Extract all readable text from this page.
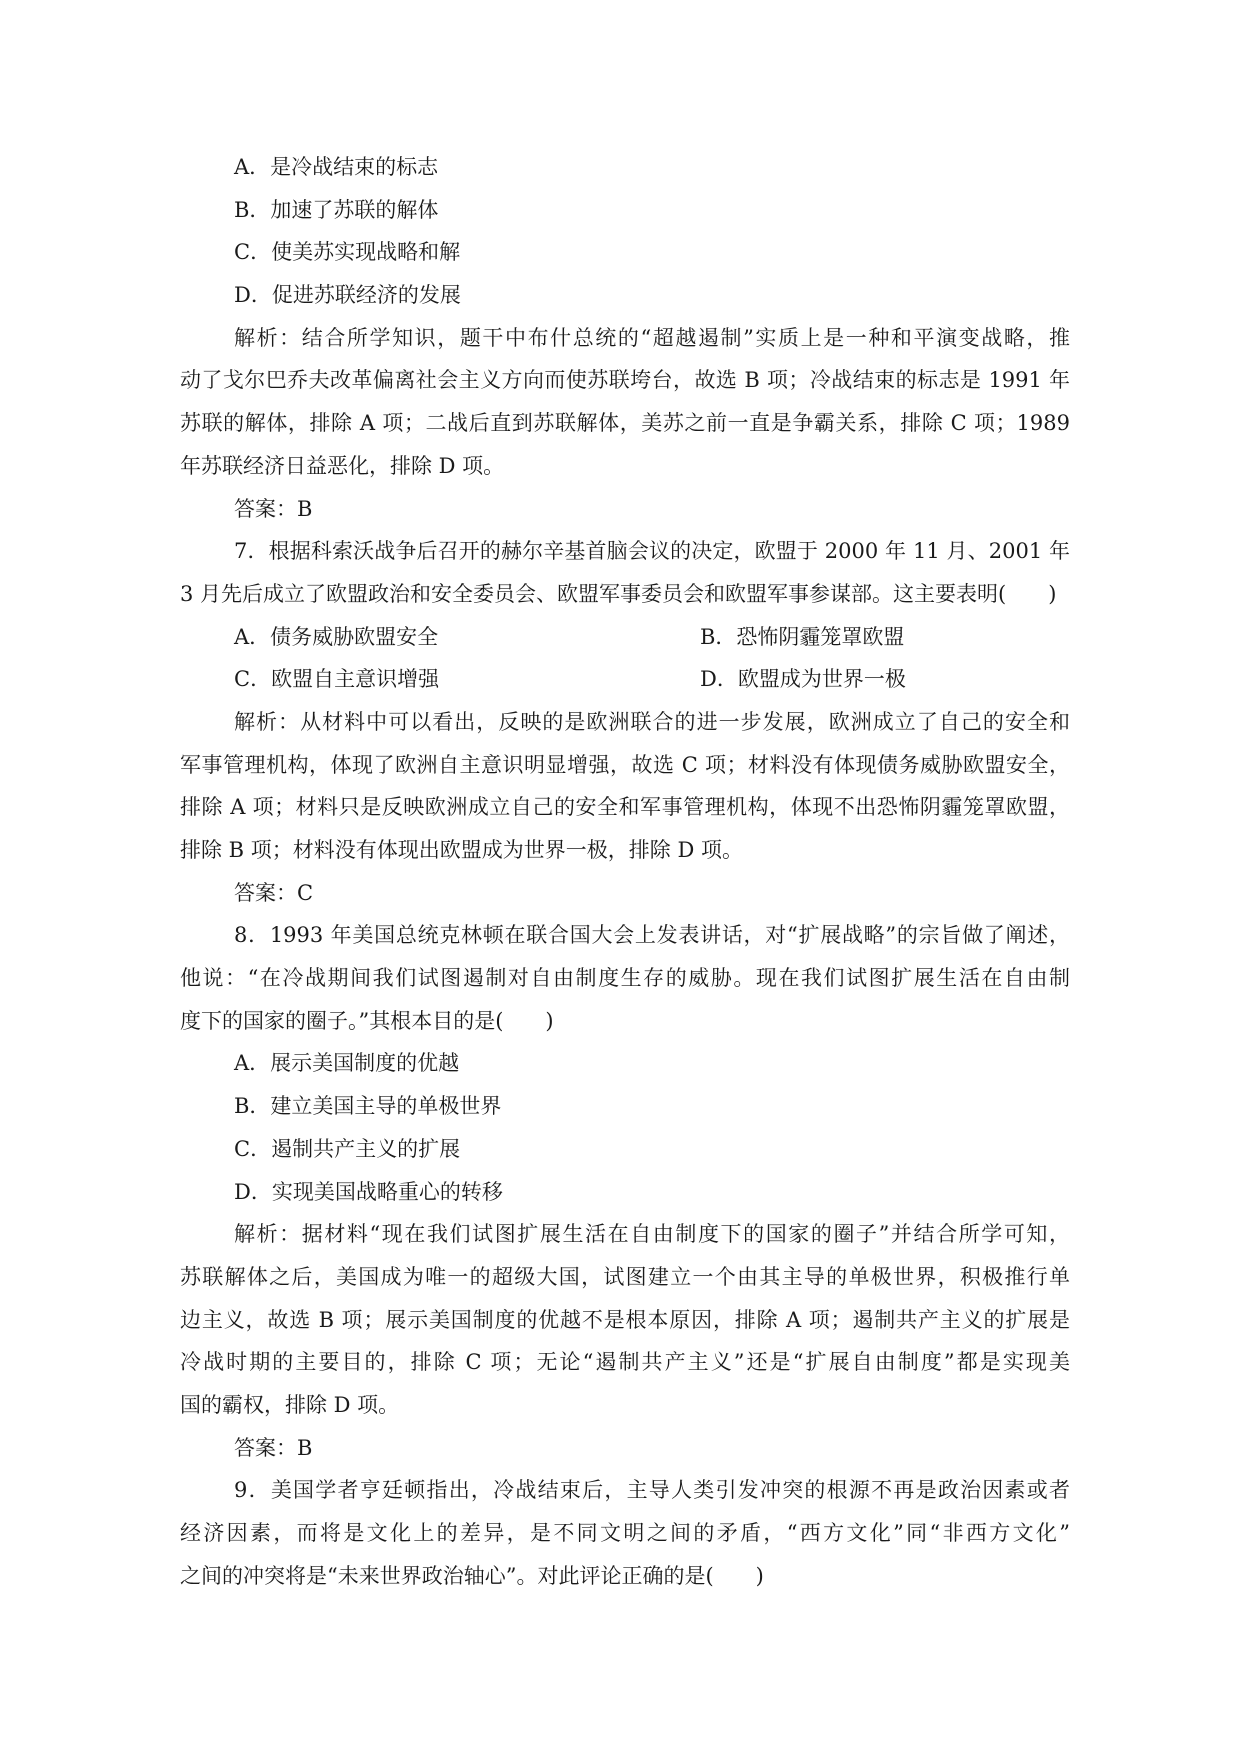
A．是冷战结束的标志
B．加速了苏联的解体
C．使美苏实现战略和解
D．促进苏联经济的发展
解析：结合所学知识，题干中布什总统的“超越遏制”实质上是一种和平演变战略，推
动了戈尔巴乔夫改革偏离社会主义方向而使苏联垮台，故选 B 项；冷战结束的标志是 1991 年
苏联的解体，排除 A 项；二战后直到苏联解体，美苏之前一直是争霸关系，排除 C 项；1989
年苏联经济日益恶化，排除 D 项。
答案：B
7．根据科索沃战争后召开的赫尔辛基首脑会议的决定，欧盟于 2000 年 11 月、2001 年
3 月先后成立了欧盟政治和安全委员会、欧盟军事委员会和欧盟军事参谋部。这主要表明(　　)
A．债务威胁欧盟安全	B．恐怖阴霾笼罩欧盟
C．欧盟自主意识增强	D．欧盟成为世界一极
解析：从材料中可以看出，反映的是欧洲联合的进一步发展，欧洲成立了自己的安全和
军事管理机构，体现了欧洲自主意识明显增强，故选 C 项；材料没有体现债务威胁欧盟安全，
排除 A 项；材料只是反映欧洲成立自己的安全和军事管理机构，体现不出恐怖阴霾笼罩欧盟，
排除 B 项；材料没有体现出欧盟成为世界一极，排除 D 项。
答案：C
8．1993 年美国总统克林顿在联合国大会上发表讲话，对“扩展战略”的宗旨做了阐述，
他说：“在冷战期间我们试图遏制对自由制度生存的威胁。现在我们试图扩展生活在自由制
度下的国家的圈子。”其根本目的是(　　)
A．展示美国制度的优越
B．建立美国主导的单极世界
C．遏制共产主义的扩展
D．实现美国战略重心的转移
解析：据材料“现在我们试图扩展生活在自由制度下的国家的圈子”并结合所学可知，
苏联解体之后，美国成为唯一的超级大国，试图建立一个由其主导的单极世界，积极推行单
边主义，故选 B 项；展示美国制度的优越不是根本原因，排除 A 项；遏制共产主义的扩展是
冷战时期的主要目的，排除 C 项；无论“遏制共产主义”还是“扩展自由制度”都是实现美
国的霸权，排除 D 项。
答案：B
9．美国学者亨廷顿指出，冷战结束后，主导人类引发冲突的根源不再是政治因素或者
经济因素，而将是文化上的差异，是不同文明之间的矛盾，“西方文化”同“非西方文化”
之间的冲突将是“未来世界政治轴心”。对此评论正确的是(　　)
